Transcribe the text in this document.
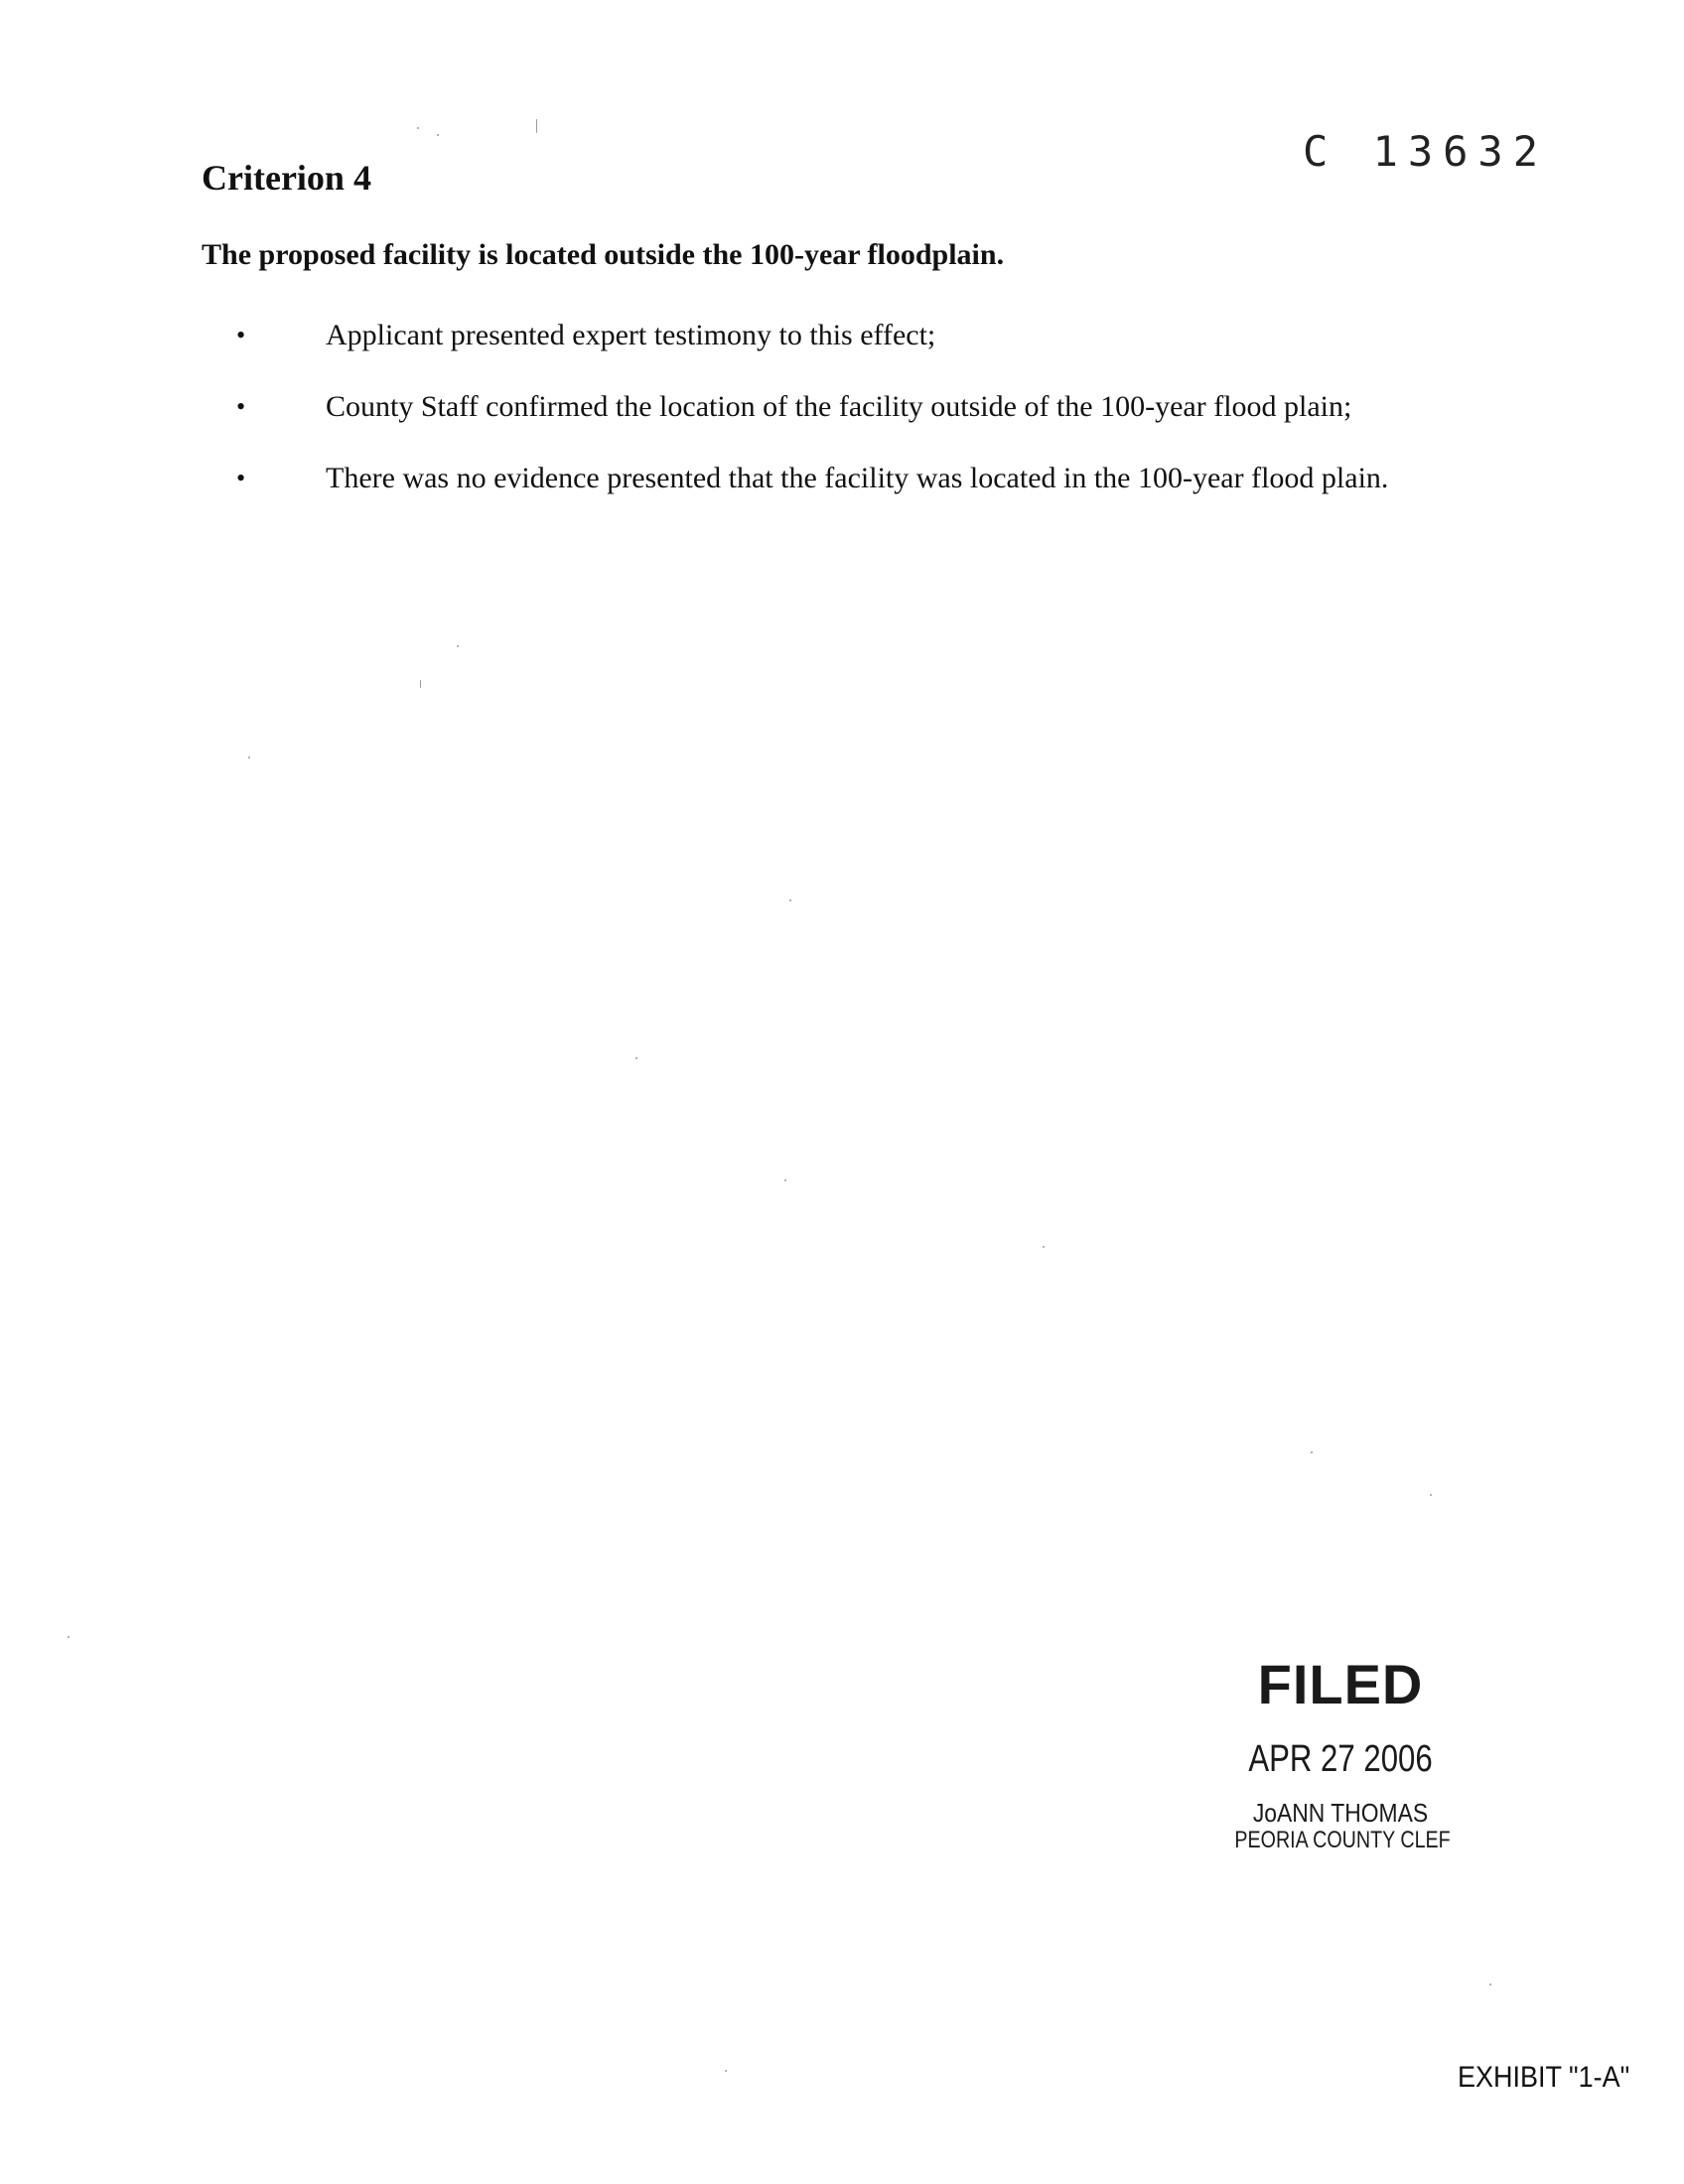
C 13632
Criterion 4

The proposed facility is located outside the 100-year floodplain.

•	Applicant presented expert testimony to this effect;
•	County Staff confirmed the location of the facility outside of the 100-year flood plain;
•	There was no evidence presented that the facility was located in the 100-year flood plain.
FILED
APR 27 2006
JoANN THOMAS
PEORIA COUNTY CLEF
EXHIBIT "1-A"
